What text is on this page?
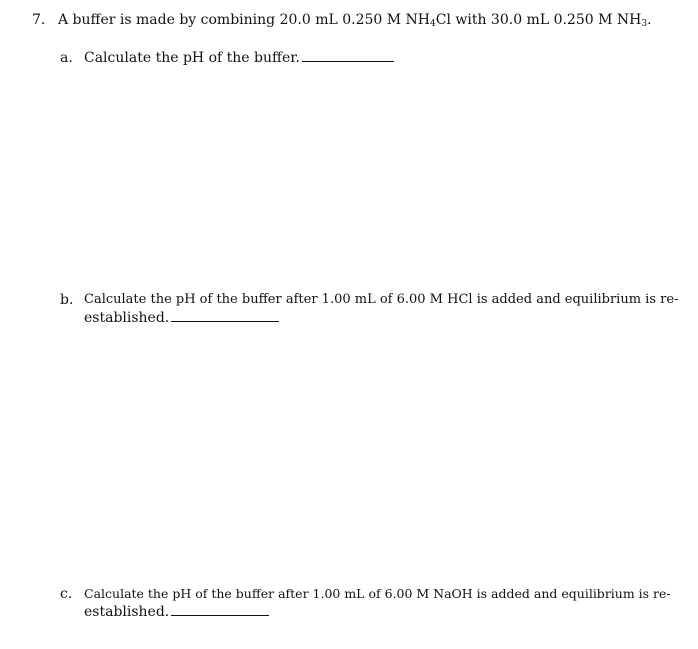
7. A buffer is made by combining 20.0 mL 0.250 M $NH_4Cl$ with 30.0 mL 0.250 M $NH_3$.
a. Calculate the pH of the buffer.
b. Calculate the pH of the buffer after 1.00 mL of 6.00 M HCl is added and equilibrium is re-
established.
c. Calculate the pH of the buffer after 1.00 mL of 6.00 M NaOH is added and equilibrium is re-
established.
